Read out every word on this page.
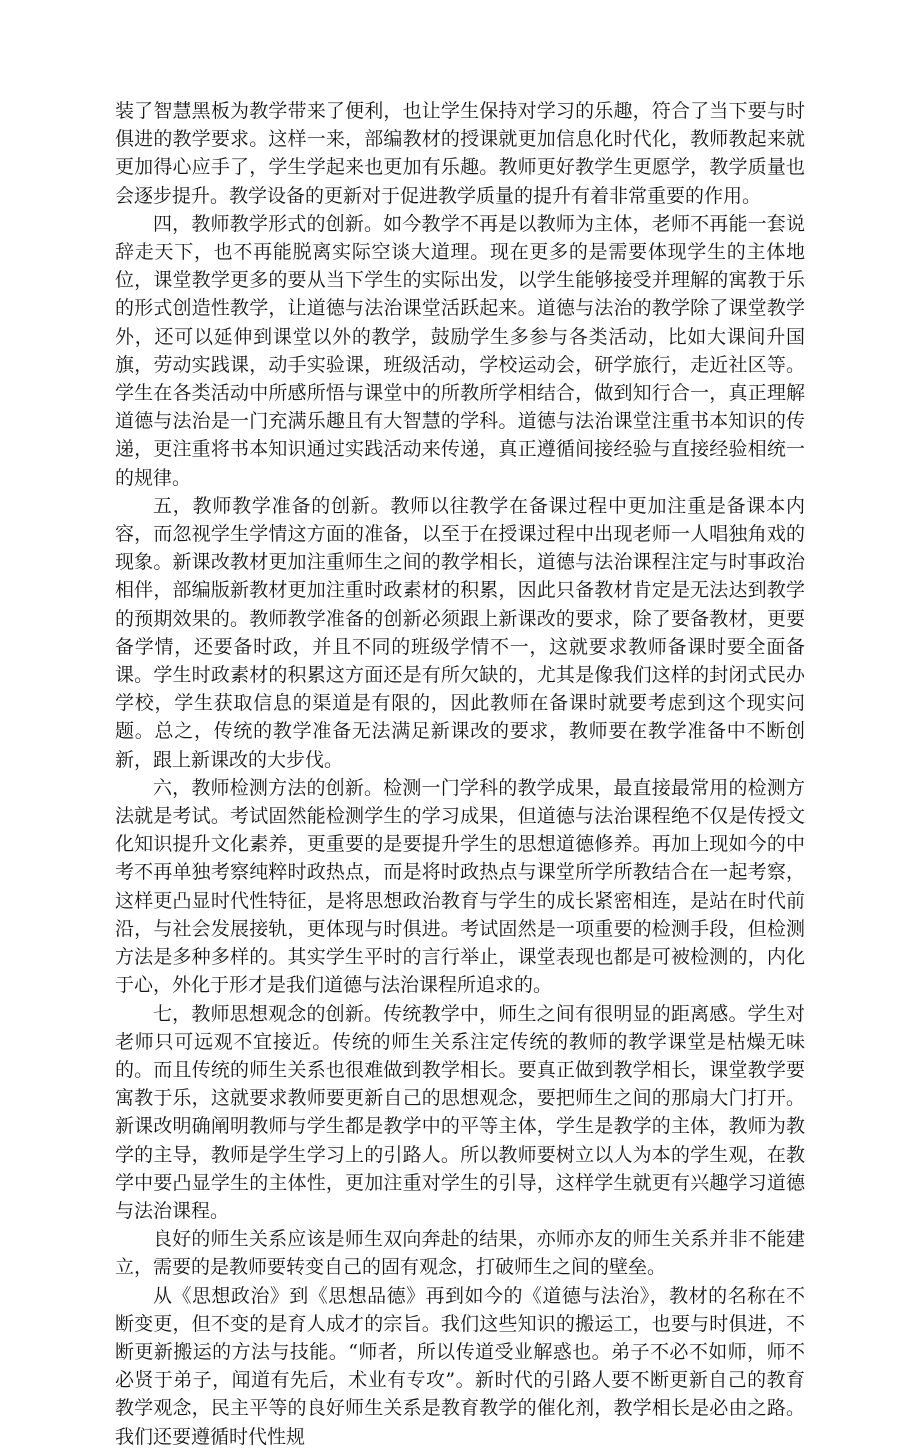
装了智慧黑板为教学带来了便利，也让学生保持对学习的乐趣，符合了当下要与时俱进的教学要求。这样一来，部编教材的授课就更加信息化时代化，教师教起来就更加得心应手了，学生学起来也更加有乐趣。教师更好教学生更愿学，教学质量也会逐步提升。教学设备的更新对于促进教学质量的提升有着非常重要的作用。

四，教师教学形式的创新。如今教学不再是以教师为主体，老师不再能一套说辞走天下，也不再能脱离实际空谈大道理。现在更多的是需要体现学生的主体地位，课堂教学更多的要从当下学生的实际出发，以学生能够接受并理解的寓教于乐的形式创造性教学，让道德与法治课堂活跃起来。道德与法治的教学除了课堂教学外，还可以延伸到课堂以外的教学，鼓励学生多参与各类活动，比如大课间升国旗，劳动实践课，动手实验课，班级活动，学校运动会，研学旅行，走近社区等。学生在各类活动中所感所悟与课堂中的所教所学相结合，做到知行合一，真正理解道德与法治是一门充满乐趣且有大智慧的学科。道德与法治课堂注重书本知识的传递，更注重将书本知识通过实践活动来传递，真正遵循间接经验与直接经验相统一的规律。

五，教师教学准备的创新。教师以往教学在备课过程中更加注重是备课本内容，而忽视学生学情这方面的准备，以至于在授课过程中出现老师一人唱独角戏的现象。新课改教材更加注重师生之间的教学相长，道德与法治课程注定与时事政治相伴，部编版新教材更加注重时政素材的积累，因此只备教材肯定是无法达到教学的预期效果的。教师教学准备的创新必须跟上新课改的要求，除了要备教材，更要备学情，还要备时政，并且不同的班级学情不一，这就要求教师备课时要全面备课。学生时政素材的积累这方面还是有所欠缺的，尤其是像我们这样的封闭式民办学校，学生获取信息的渠道是有限的，因此教师在备课时就要考虑到这个现实问题。总之，传统的教学准备无法满足新课改的要求，教师要在教学准备中不断创新，跟上新课改的大步伐。

六，教师检测方法的创新。检测一门学科的教学成果，最直接最常用的检测方法就是考试。考试固然能检测学生的学习成果，但道德与法治课程绝不仅是传授文化知识提升文化素养，更重要的是要提升学生的思想道德修养。再加上现如今的中考不再单独考察纯粹时政热点，而是将时政热点与课堂所学所教结合在一起考察，这样更凸显时代性特征，是将思想政治教育与学生的成长紧密相连，是站在时代前沿，与社会发展接轨，更体现与时俱进。考试固然是一项重要的检测手段，但检测方法是多种多样的。其实学生平时的言行举止，课堂表现也都是可被检测的，内化于心，外化于形才是我们道德与法治课程所追求的。

七，教师思想观念的创新。传统教学中，师生之间有很明显的距离感。学生对老师只可远观不宜接近。传统的师生关系注定传统的教师的教学课堂是枯燥无味的。而且传统的师生关系也很难做到教学相长。要真正做到教学相长，课堂教学要寓教于乐，这就要求教师要更新自己的思想观念，要把师生之间的那扇大门打开。新课改明确阐明教师与学生都是教学中的平等主体，学生是教学的主体，教师为教学的主导，教师是学生学习上的引路人。所以教师要树立以人为本的学生观，在教学中要凸显学生的主体性，更加注重对学生的引导，这样学生就更有兴趣学习道德与法治课程。

良好的师生关系应该是师生双向奔赴的结果，亦师亦友的师生关系并非不能建立，需要的是教师要转变自己的固有观念，打破师生之间的壁垒。

从《思想政治》到《思想品德》再到如今的《道德与法治》，教材的名称在不断变更，但不变的是育人成才的宗旨。我们这些知识的搬运工，也要与时俱进，不断更新搬运的方法与技能。“师者，所以传道受业解惑也。弟子不必不如师，师不必贤于弟子，闻道有先后，术业有专攻”。新时代的引路人要不断更新自己的教育教学观念，民主平等的良好师生关系是教育教学的催化剂，教学相长是必由之路。我们还要遵循时代性规
